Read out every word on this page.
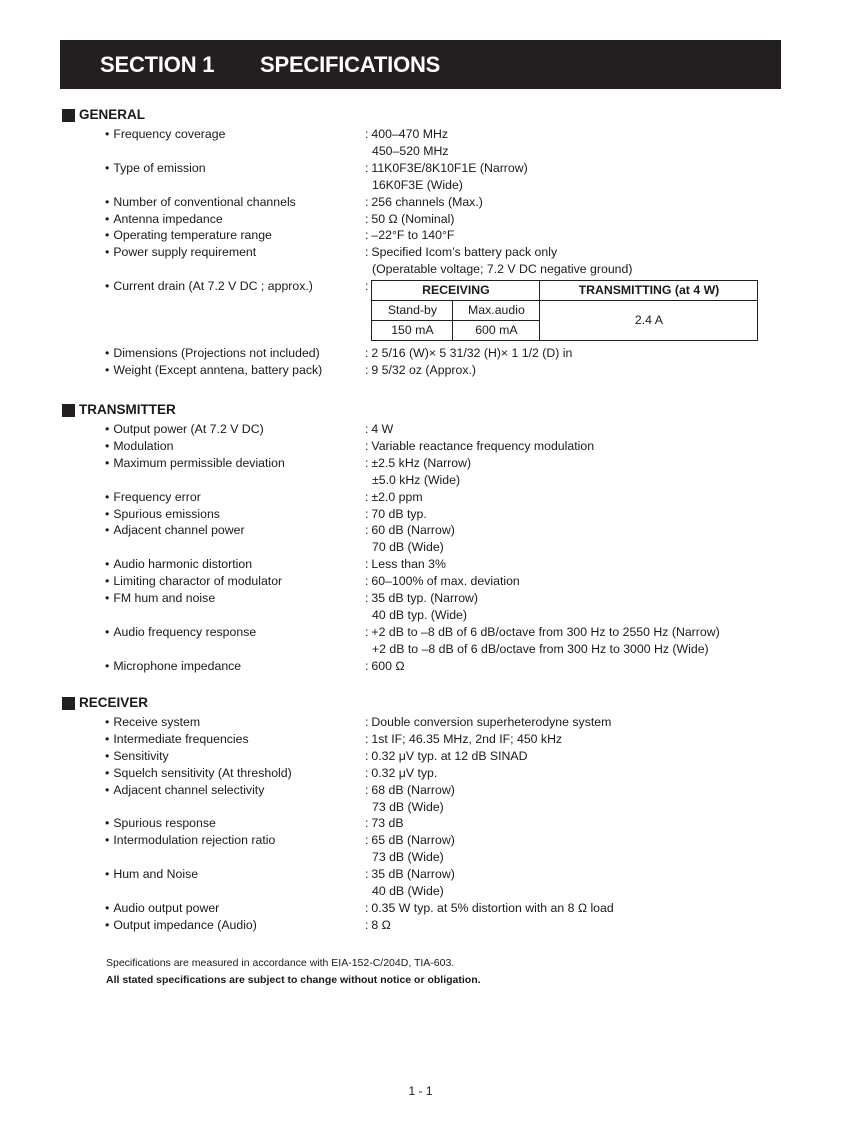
SECTION 1 SPECIFICATIONS
GENERAL
• Frequency coverage	: 400–470 MHz
450–520 MHz
• Type of emission	: 11K0F3E/8K10F1E (Narrow)
16K0F3E (Wide)
• Number of conventional channels	: 256 channels (Max.)
• Antenna impedance	: 50 Ω (Nominal)
• Operating temperature range	: –22°F to 140°F
• Power supply requirement	: Specified Icom’s battery pack only
(Operatable voltage; 7.2 V DC negative ground)
• Current drain (At 7.2 V DC ; approx.)	:	RECEIVING		TRANSMITTING (at 4 W)
Stand-by	Max.audio	2.4 A
150 mA	600 mA	
• Dimensions (Projections not included)	: 2 5/16 (W)× 5 31/32 (H)× 1 1/2 (D) in
• Weight (Except anntena, battery pack)	: 9 5/32 oz (Approx.)
TRANSMITTER
• Output power (At 7.2 V DC)	: 4 W
• Modulation	: Variable reactance frequency modulation
• Maximum permissible deviation	: ±2.5 kHz (Narrow)
±5.0 kHz (Wide)
• Frequency error	: ±2.0 ppm
• Spurious emissions	: 70 dB typ.
• Adjacent channel power	: 60 dB (Narrow)
70 dB (Wide)
• Audio harmonic distortion	: Less than 3%
• Limiting charactor of modulator	: 60–100% of max. deviation
• FM hum and noise	: 35 dB typ. (Narrow)
40 dB typ. (Wide)
• Audio frequency response	: +2 dB to –8 dB of 6 dB/octave from 300 Hz to 2550 Hz (Narrow)
+2 dB to –8 dB of 6 dB/octave from 300 Hz to 3000 Hz (Wide)
• Microphone impedance	: 600 Ω
RECEIVER
• Receive system	: Double conversion superheterodyne system
• Intermediate frequencies	: 1st IF; 46.35 MHz, 2nd IF; 450 kHz
• Sensitivity	: 0.32 μV typ. at 12 dB SINAD
• Squelch sensitivity (At threshold)	: 0.32 μV typ.
• Adjacent channel selectivity	: 68 dB (Narrow)
73 dB (Wide)
• Spurious response	: 73 dB
• Intermodulation rejection ratio	: 65 dB (Narrow)
73 dB (Wide)
• Hum and Noise	: 35 dB (Narrow)
40 dB (Wide)
• Audio output power	: 0.35 W typ. at 5% distortion with an 8 Ω load
• Output impedance (Audio)	: 8 Ω
Specifications are measured in accordance with EIA-152-C/204D, TIA-603.
All stated specifications are subject to change without notice or obligation.
1 - 1
